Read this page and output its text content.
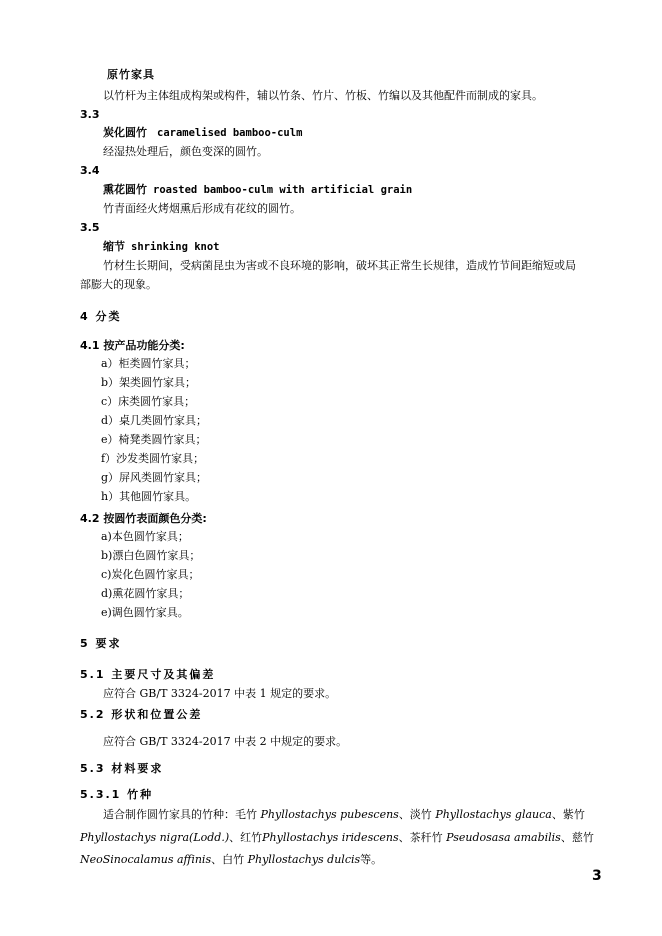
原竹家具
以竹杆为主体组成构架或构件，辅以竹条、竹片、竹板、竹编以及其他配件而制成的家具。
3.3
炭化圆竹 caramelised bamboo-culm
经湿热处理后，颜色变深的圆竹。
3.4
熏花圆竹 roasted bamboo-culm with artificial grain
竹青面经火烤烟熏后形成有花纹的圆竹。
3.5
缩节 shrinking knot
竹材生长期间，受病菌昆虫为害或不良环境的影响，破坏其正常生长规律，造成竹节间距缩短或局
部膨大的现象。
4 分类
4.1 按产品功能分类:
a）柜类圆竹家具；
b）架类圆竹家具；
c）床类圆竹家具；
d）桌几类圆竹家具；
e）椅凳类圆竹家具；
f）沙发类圆竹家具；
g）屏风类圆竹家具；
h）其他圆竹家具。
4.2 按圆竹表面颜色分类:
a)本色圆竹家具；
b)漂白色圆竹家具；
c)炭化色圆竹家具；
d)熏花圆竹家具；
e)调色圆竹家具。
5 要求
5.1 主要尺寸及其偏差
应符合 GB/T 3324-2017 中表 1 规定的要求。
5.2 形状和位置公差
应符合 GB/T 3324-2017 中表 2 中规定的要求。
5.3 材料要求
5.3.1 竹种
适合制作圆竹家具的竹种：毛竹 Phyllostachys pubescens、淡竹 Phyllostachys glauca、紫竹
Phyllostachys nigra(Lodd.)、红竹Phyllostachys iridescens、茶秆竹 Pseudosasa amabilis、慈竹
NeoSinocalamus affinis、白竹 Phyllostachys dulcis等。
3
